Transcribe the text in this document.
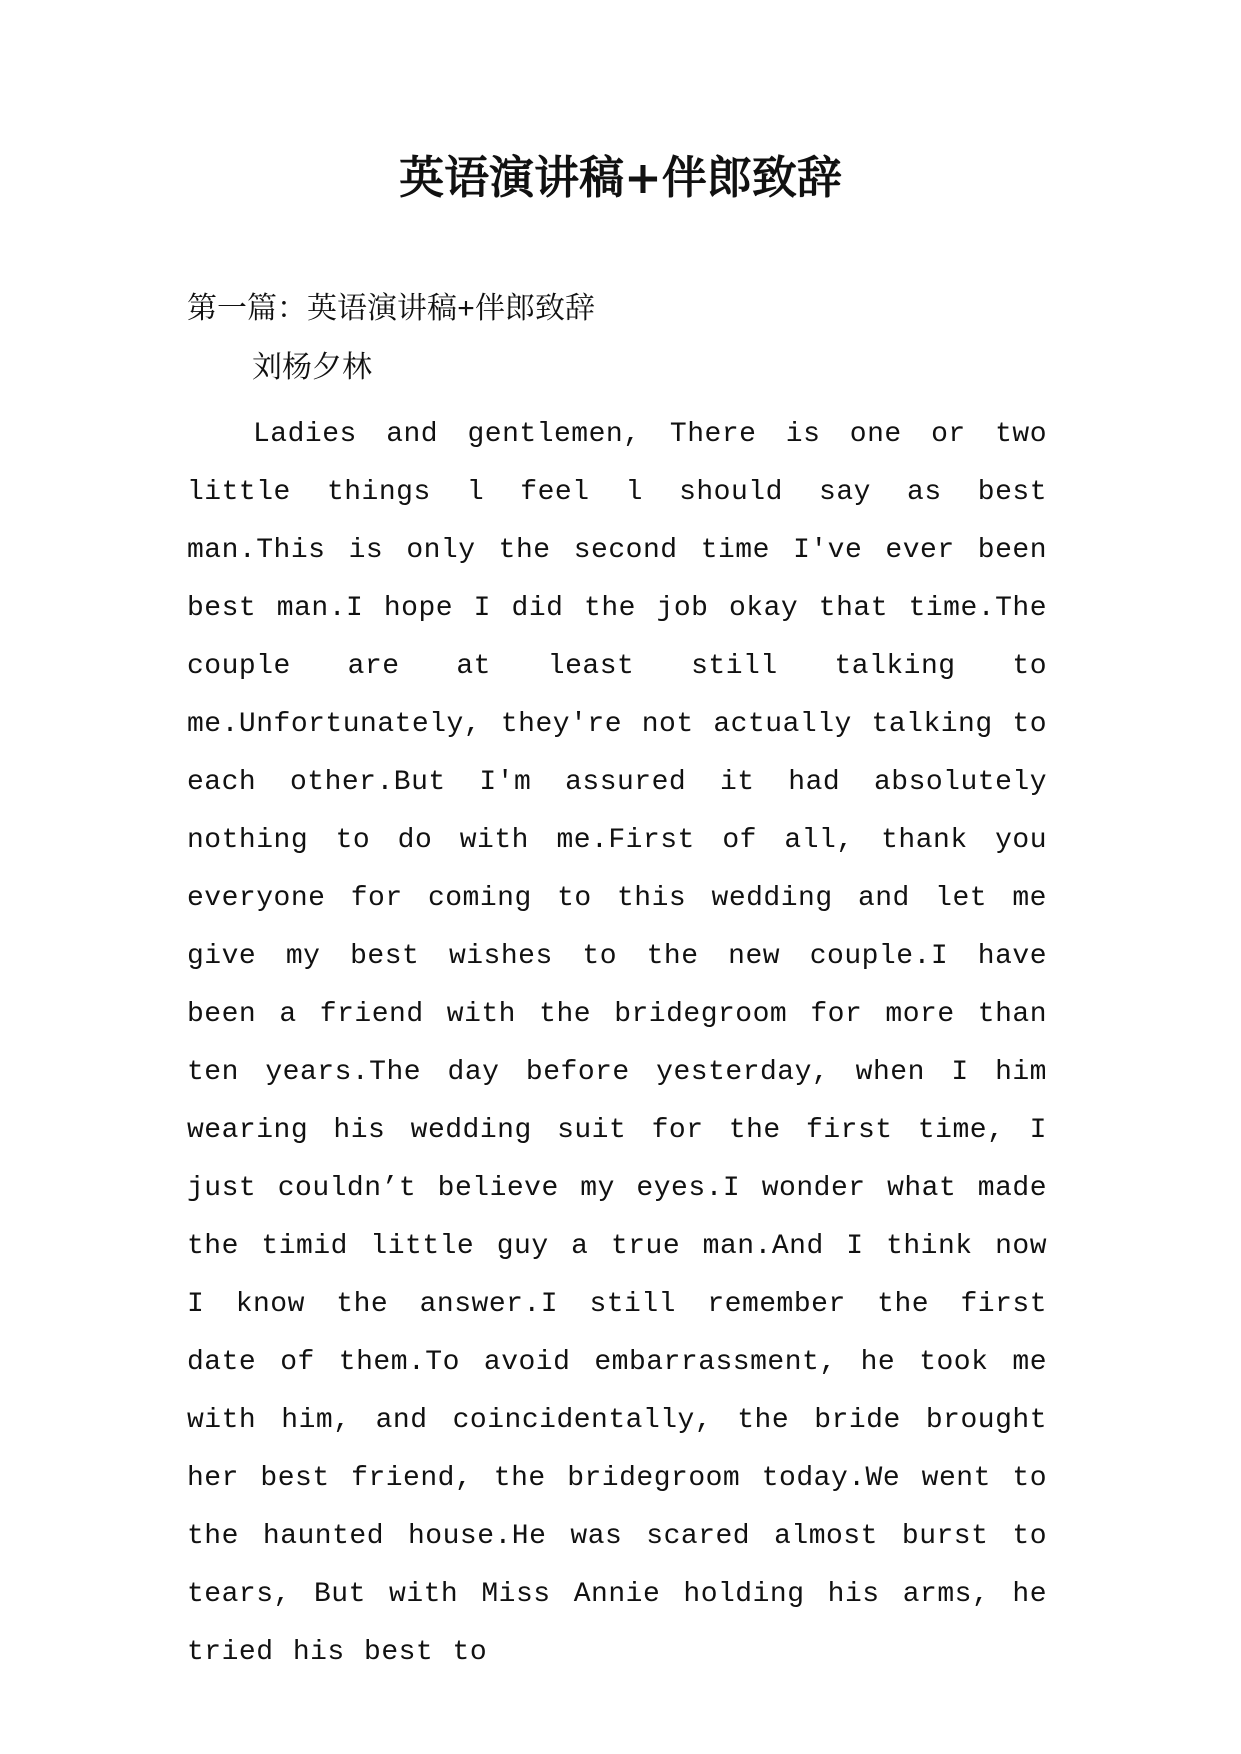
英语演讲稿+伴郎致辞

第一篇：英语演讲稿+伴郎致辞

刘杨夕林

Ladies and gentlemen, There is one or two little things l feel l should say as best man.This is only the second time I've ever been best man.I hope I did the job okay that time.The couple are at least still talking to me.Unfortunately, they're not actually talking to each other.But I'm assured it had absolutely nothing to do with me.First of all, thank you everyone for coming to this wedding and let me give my best wishes to the new couple.I have been a friend with the bridegroom for more than ten years.The day before yesterday, when I him wearing his wedding suit for the first time, I just couldn’t believe my eyes.I wonder what made the timid little guy a true man.And I think now I know the answer.I still remember the first date of them.To avoid embarrassment, he took me with him, and coincidentally, the bride brought her best friend, the bridegroom today.We went to the haunted house.He was scared almost burst to tears, But with Miss Annie holding his arms, he tried his best to
